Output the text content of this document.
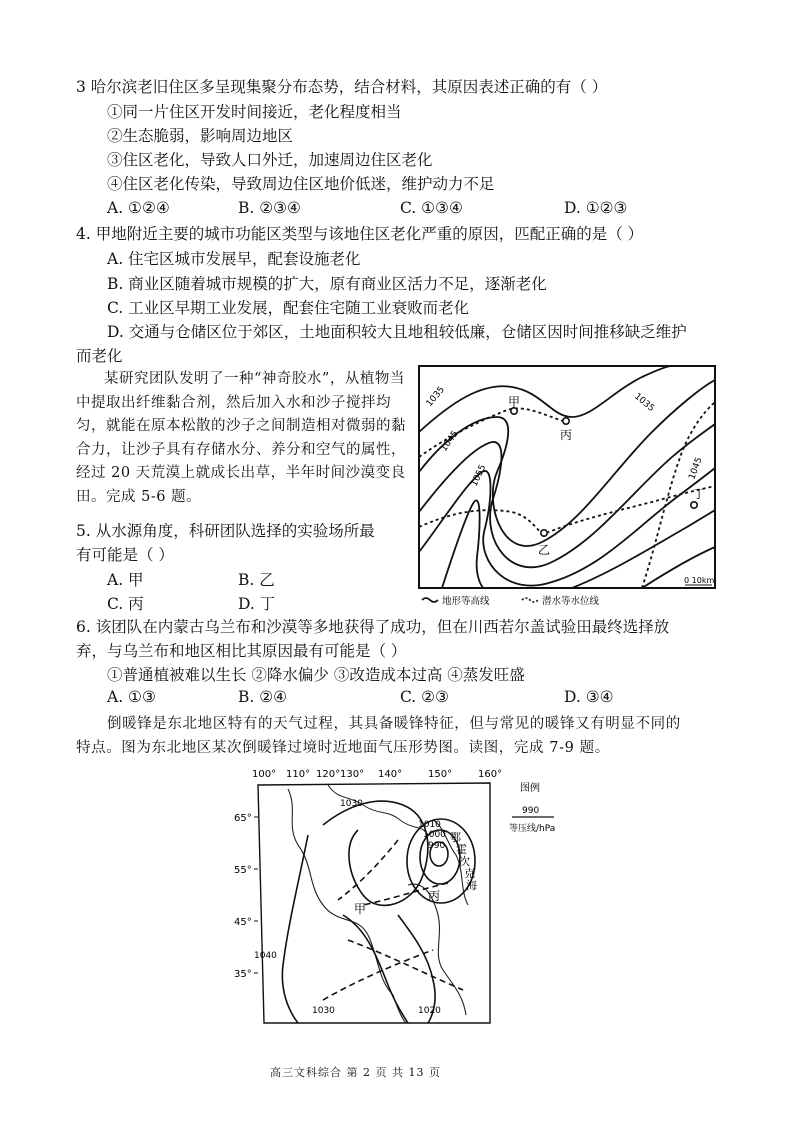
3 哈尔滨老旧住区多呈现集聚分布态势，结合材料，其原因表述正确的有（ ）
①同一片住区开发时间接近，老化程度相当
②生态脆弱，影响周边地区
③住区老化，导致人口外迁，加速周边住区老化
④住区老化传染，导致周边住区地价低迷，维护动力不足
A. ①②④	B. ②③④	C. ①③④	D. ①②③
4. 甲地附近主要的城市功能区类型与该地住区老化严重的原因，匹配正确的是（ ）
A. 住宅区城市发展早，配套设施老化
B. 商业区随着城市规模的扩大，原有商业区活力不足，逐渐老化
C. 工业区早期工业发展，配套住宅随工业衰败而老化
D. 交通与仓储区位于郊区，土地面积较大且地租较低廉，仓储区因时间推移缺乏维护
而老化
某研究团队发明了一种“神奇胶水”，从植物当中提取出纤维黏合剂，然后加入水和沙子搅拌均匀，就能在原本松散的沙子之间制造相对微弱的黏合力，让沙子具有存储水分、养分和空气的属性，经过 20 天荒漠上就成长出草，半年时间沙漠变良田。完成 5-6 题。
5. 从水源角度，科研团队选择的实验场所最
有可能是（ ）
A. 甲	B. 乙
C. 丙	D. 丁
1035	1035
1045
1045
1055
甲
乙
丙
丁
0 10km
地形等高线	潜水等水位线
6. 该团队在内蒙古乌兰布和沙漠等多地获得了成功，但在川西若尔盖试验田最终选择放
弃，与乌兰布和地区相比其原因最有可能是（ ）
①普通植被难以生长 ②降水偏少 ③改造成本过高 ④蒸发旺盛
A. ①③	B. ②④	C. ②③	D. ③④
倒暖锋是东北地区特有的天气过程，其具备暖锋特征，但与常见的暖锋又有明显不同的
特点。图为东北地区某次倒暖锋过境时近地面气压形势图。读图，完成 7-9 题。
100° 110° 120° 130° 140°	150°	160°
65°
55°
45°
35°
1030
1010
1000
990
1040
1030	1020
甲
丙
鄂
霍
次
克
海
图例
990
等压线/hPa
高三文科综合 第 2 页 共 13 页
